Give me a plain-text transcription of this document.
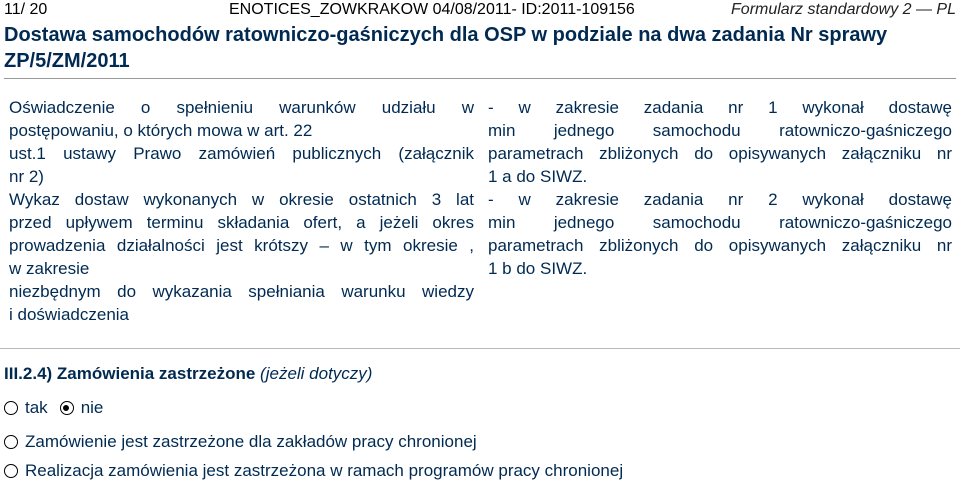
11/ 20	ENOTICES_ZOWKRAKOW 04/08/2011- ID:2011-109156	Formularz standardowy 2 — PL
Dostawa samochodów ratowniczo-gaśniczych dla OSP w podziale na dwa zadania Nr sprawy ZP/5/ZM/2011

Oświadczenie o spełnieniu warunków udziału w

postępowaniu, o których mowa w art. 22

ust.1 ustawy Prawo zamówień publicznych (załącznik

nr 2)

Wykaz dostaw wykonanych w okresie ostatnich 3 lat

przed upływem terminu składania ofert, a jeżeli okres

prowadzenia działalności jest krótszy – w tym okresie ,

w zakresie

niezbędnym do wykazania spełniania warunku wiedzy

i doświadczenia

- w zakresie zadania nr 1 wykonał dostawę

min jednego samochodu ratowniczo-gaśniczego

parametrach zbliżonych do opisywanych załączniku nr

1 a do SIWZ.

- w zakresie zadania nr 2 wykonał dostawę

min jednego samochodu ratowniczo-gaśniczego

parametrach zbliżonych do opisywanych załączniku nr

1 b do SIWZ.

III.2.4) Zamówienia zastrzeżone (jeżeli dotyczy)
tak nie
Zamówienie jest zastrzeżone dla zakładów pracy chronionej
Realizacja zamówienia jest zastrzeżona w ramach programów pracy chronionej
